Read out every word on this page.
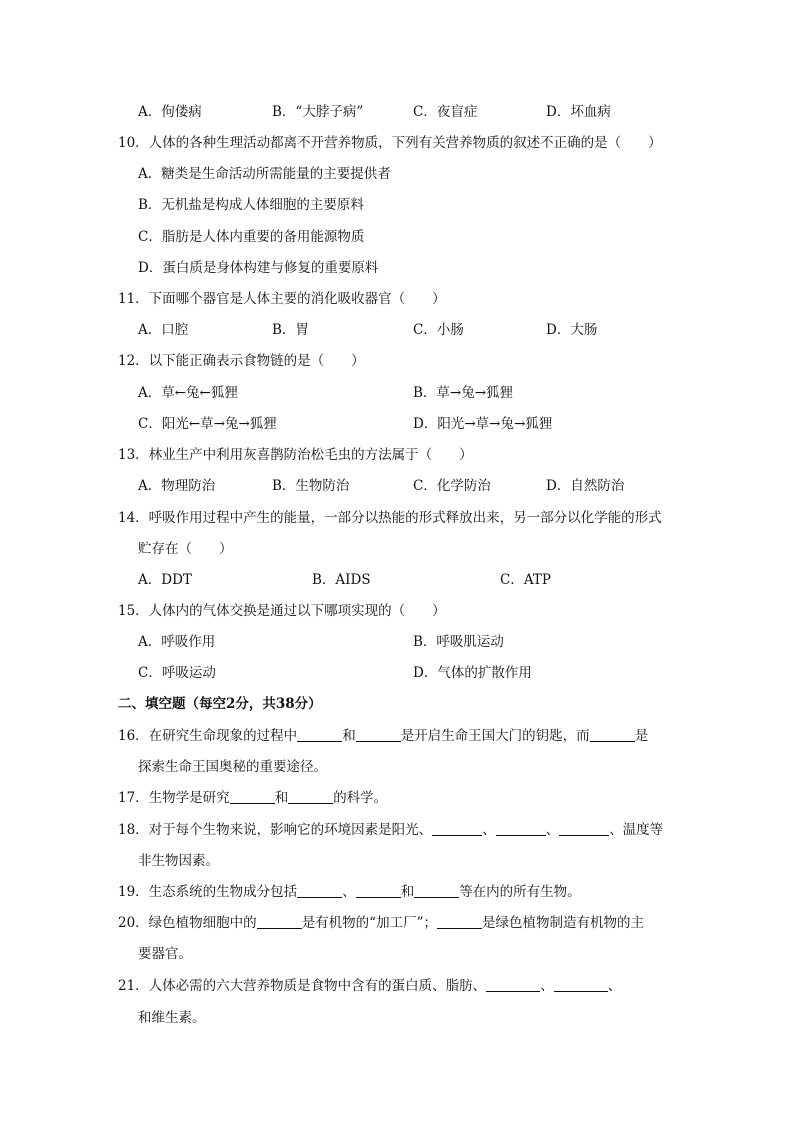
A．佝偻病	B．“大脖子病”	C．夜盲症	D．坏血病
10．人体的各种生理活动都离不开营养物质，下列有关营养物质的叙述不正确的是（　　）
A．糖类是生命活动所需能量的主要提供者
B．无机盐是构成人体细胞的主要原料
C．脂肪是人体内重要的备用能源物质
D．蛋白质是身体构建与修复的重要原料
11．下面哪个器官是人体主要的消化吸收器官（　　）
A．口腔	B．胃	C．小肠	D．大肠
12．以下能正确表示食物链的是（　　）
A．草←兔←狐狸	B．草→兔→狐狸
C．阳光←草→兔→狐狸	D．阳光→草→兔→狐狸
13．林业生产中利用灰喜鹊防治松毛虫的方法属于（　　）
A．物理防治	B．生物防治	C．化学防治	D．自然防治
14．呼吸作用过程中产生的能量，一部分以热能的形式释放出来，另一部分以化学能的形式
贮存在（　　）
A．DDT	B．AIDS	C．ATP
15．人体内的气体交换是通过以下哪项实现的（　　）
A．呼吸作用	B．呼吸肌运动
C．呼吸运动	D．气体的扩散作用
二、填空题（每空2分，共38分）
16．在研究生命现象的过程中	和	是开启生命王国大门的钥匙，而	是
探索生命王国奥秘的重要途径。
17．生物学是研究	和	的科学。
18．对于每个生物来说，影响它的环境因素是阳光、	、	、	、温度等
非生物因素。
19．生态系统的生物成分包括	、	和	等在内的所有生物。
20．绿色植物细胞中的	是有机物的“加工厂”；	是绿色植物制造有机物的主
要器官。
21．人体必需的六大营养物质是食物中含有的蛋白质、脂肪、	、	、
和维生素。
